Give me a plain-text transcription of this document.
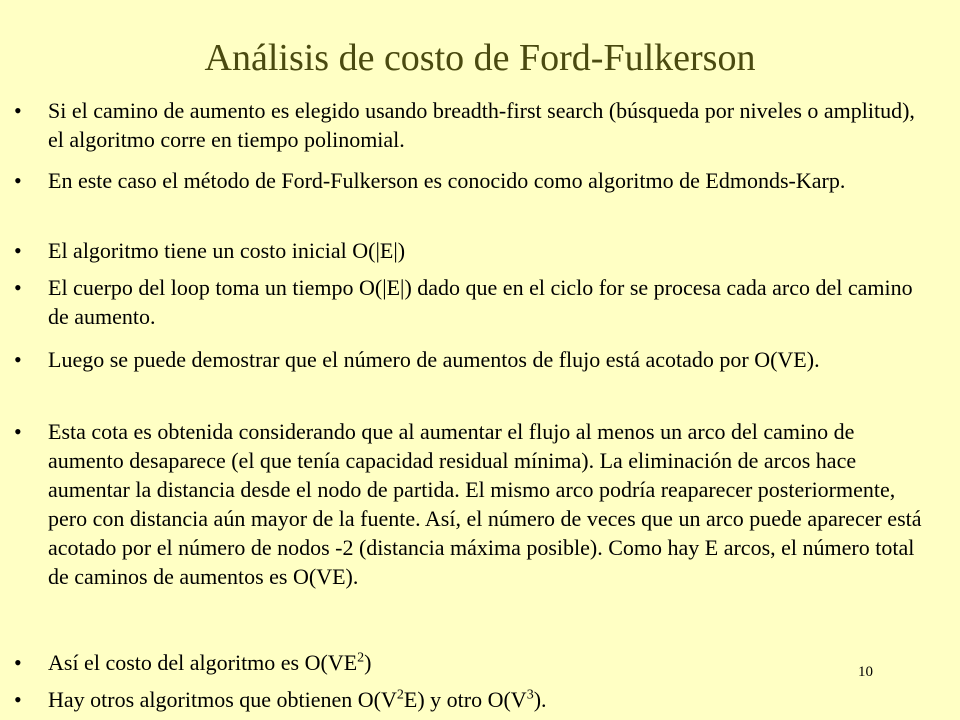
Análisis de costo de Ford-Fulkerson
• Si el camino de aumento es elegido usando breadth-first search (búsqueda por niveles o amplitud), el algoritmo corre en tiempo polinomial.
• En este caso el método de Ford-Fulkerson es conocido como algoritmo de Edmonds-Karp.
• El algoritmo tiene un costo inicial O(|E|)
• El cuerpo del loop toma un tiempo O(|E|) dado que en el ciclo for se procesa cada arco del camino de aumento.
• Luego se puede demostrar que el número de aumentos de flujo está acotado por O(VE).
• Esta cota es obtenida considerando que al aumentar el flujo al menos un arco del camino de aumento desaparece (el que tenía capacidad residual mínima). La eliminación de arcos hace aumentar la distancia desde el nodo de partida. El mismo arco podría reaparecer posteriormente, pero con distancia aún mayor de la fuente. Así, el número de veces que un arco puede aparecer está acotado por el número de nodos -2 (distancia máxima posible). Como hay E arcos, el número total de caminos de aumentos es O(VE).
• Así el costo del algoritmo es $O(VE^2)$
• Hay otros algoritmos que obtienen $O(V^2E)$ y otro $O(V^3)$.
10
